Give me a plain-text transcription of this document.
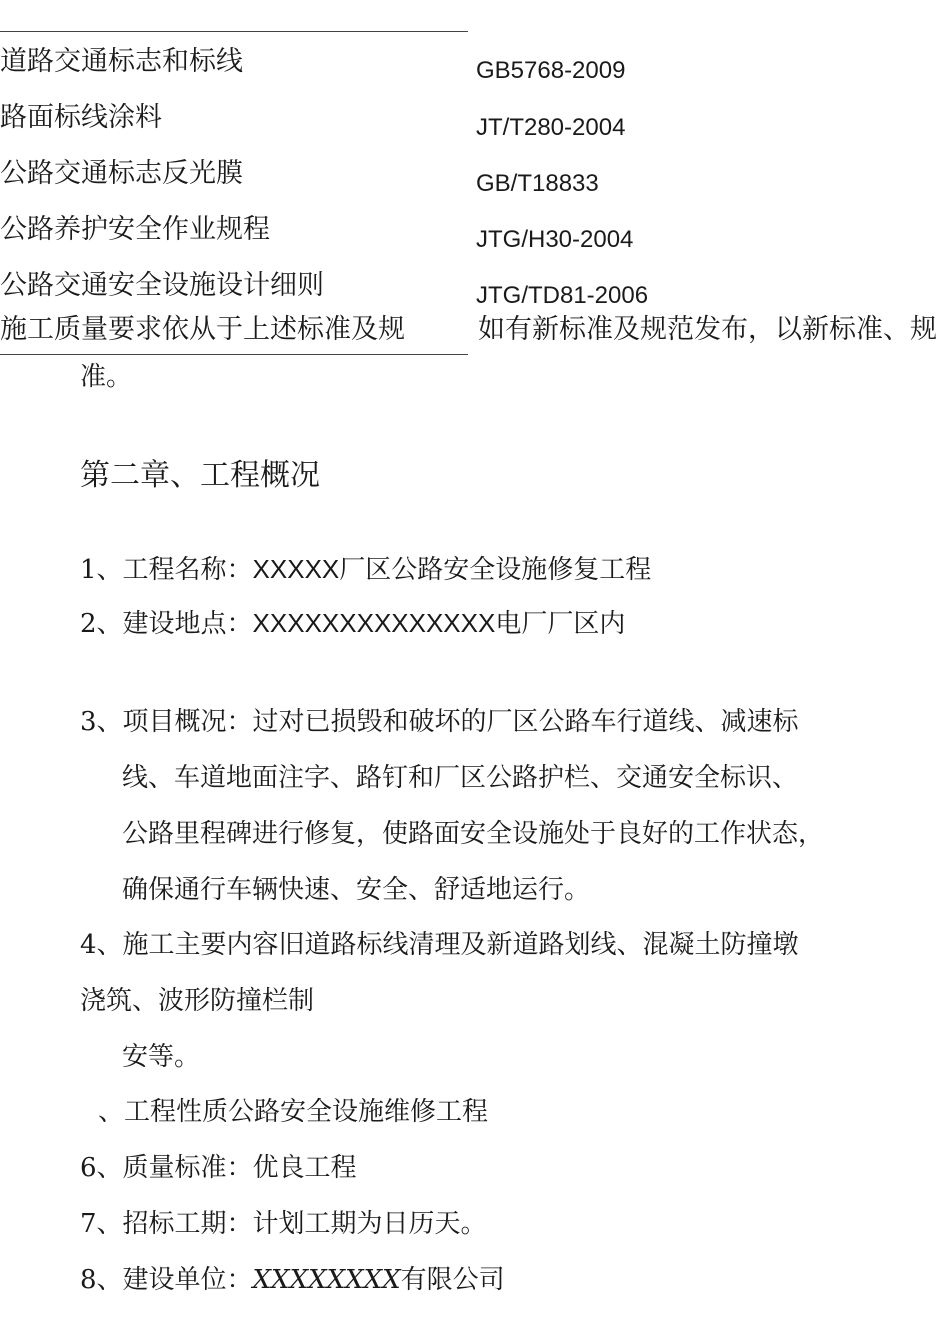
道路交通标志和标线	GB5768-2009
路面标线涂料	JT/T280-2004
公路交通标志反光膜	GB/T18833
公路养护安全作业规程	JTG/H30-2004
公路交通安全设施设计细则	JTG/TD81-2006
施工质量要求依从于上述标准及规	如有新标准及规范发布，以新标准、规
准。
第二章、工程概况
1、工程名称：XXXXX厂区公路安全设施修复工程
2、建设地点：XXXXXXXXXXXXXX电厂厂区内
3、项目概况：过对已损毁和破坏的厂区公路车行道线、减速标
线、车道地面注字、路钉和厂区公路护栏、交通安全标识、
公路里程碑进行修复，使路面安全设施处于良好的工作状态，
确保通行车辆快速、安全、舒适地运行。
4、施工主要内容旧道路标线清理及新道路划线、混凝土防撞墩
浇筑、波形防撞栏制
安等。
、工程性质公路安全设施维修工程
6、质量标准：优良工程
7、招标工期：计划工期为日历天。
8、建设单位：XXXXXXXX有限公司
